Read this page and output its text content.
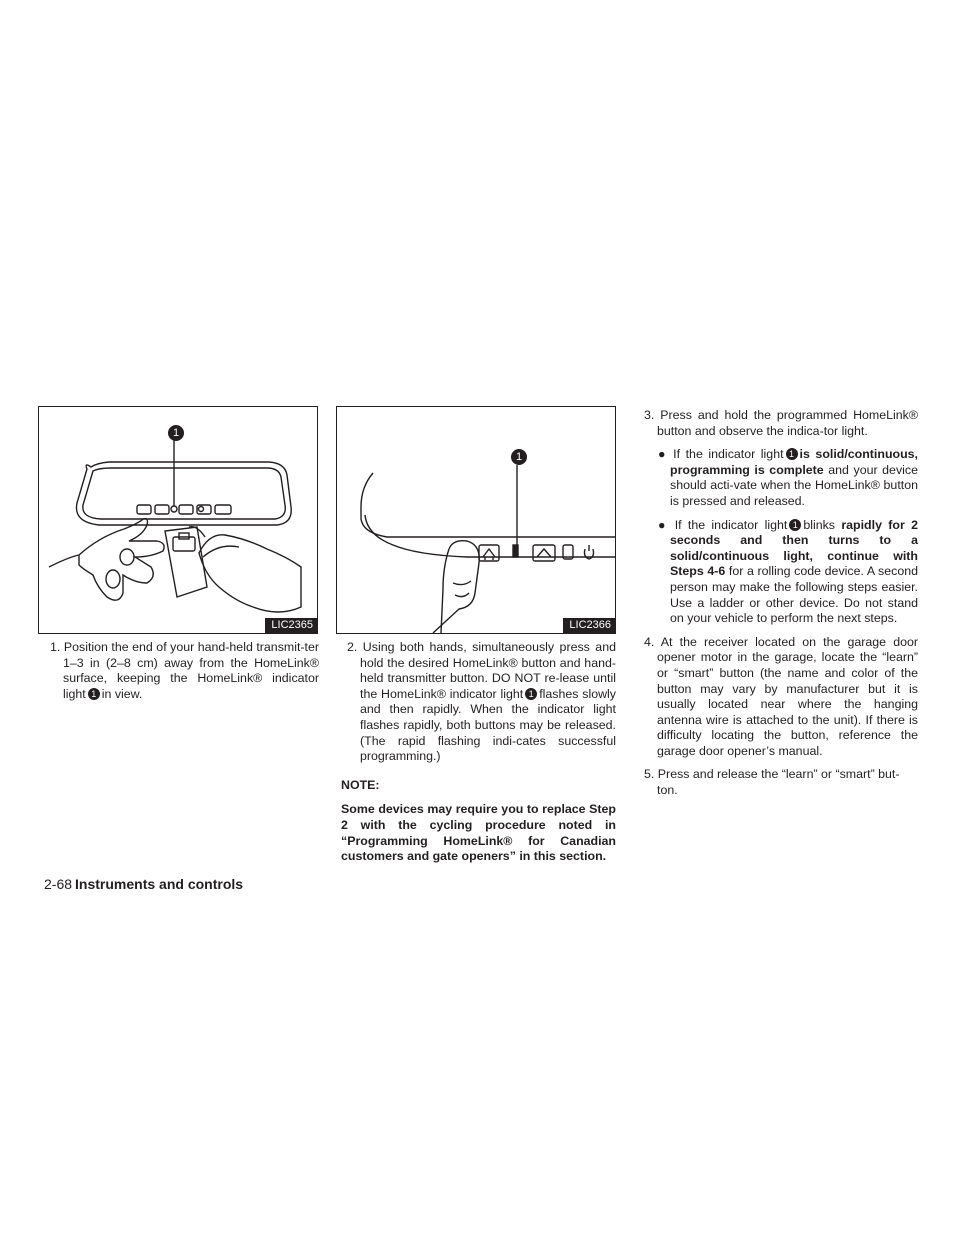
1
LIC2365
1
LIC2366

1. Position the end of your hand-held transmit-ter 1–3 in (2–8 cm) away from the HomeLink® surface, keeping the HomeLink® indicator light 1 in view.

2. Using both hands, simultaneously press and hold the desired HomeLink® button and hand-held transmitter button. DO NOT re-lease until the HomeLink® indicator light 1 flashes slowly and then rapidly. When the indicator light flashes rapidly, both buttons may be released. (The rapid flashing indi-cates successful programming.)

NOTE:

Some devices may require you to replace Step 2 with the cycling procedure noted in “Programming HomeLink® for Canadian customers and gate openers” in this section.

3. Press and hold the programmed HomeLink® button and observe the indica-tor light.

● If the indicator light 1 is solid/continuous, programming is complete and your device should acti-vate when the HomeLink® button is pressed and released.

● If the indicator light 1 blinks rapidly for 2 seconds and then turns to a solid/continuous light, continue with Steps 4-6 for a rolling code device. A second person may make the following steps easier. Use a ladder or other device. Do not stand on your vehicle to perform the next steps.

4. At the receiver located on the garage door opener motor in the garage, locate the “learn” or “smart” button (the name and color of the button may vary by manufacturer but it is usually located near where the hanging antenna wire is attached to the unit). If there is difficulty locating the button, reference the garage door opener’s manual.

5. Press and release the “learn” or “smart” but-ton.

2-68 Instruments and controls
